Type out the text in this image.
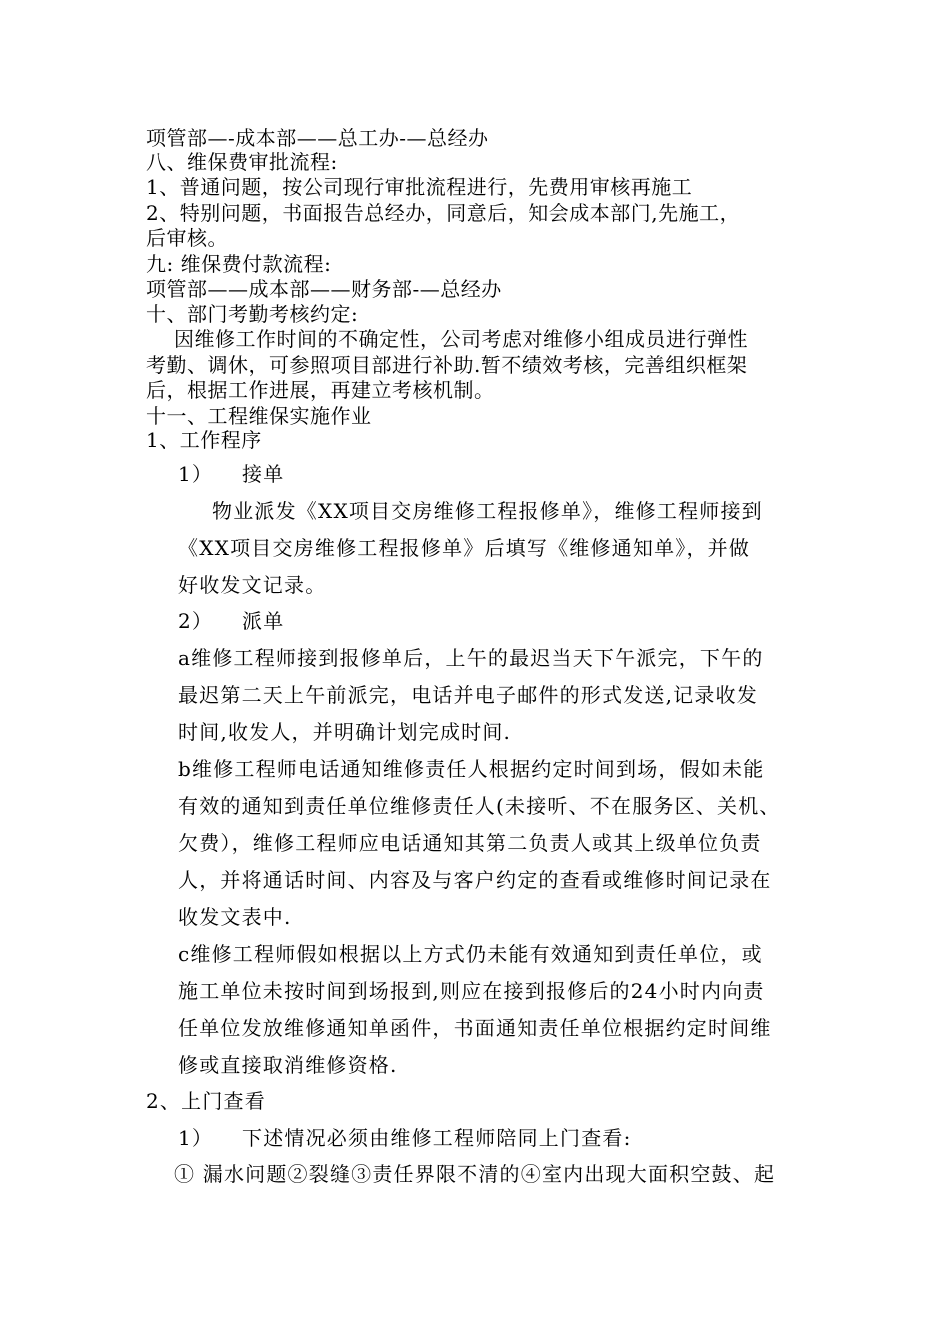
项管部—-成本部——总工办-—总经办
八、维保费审批流程:
1、普通问题，按公司现行审批流程进行，先费用审核再施工
2、特别问题，书面报告总经办，同意后，知会成本部门,先施工，
后审核。
九: 维保费付款流程:
项管部——成本部——财务部-—总经办
十、部门考勤考核约定:
因维修工作时间的不确定性，公司考虑对维修小组成员进行弹性
考勤、调休，可参照项目部进行补助.暂不绩效考核，完善组织框架
后，根据工作进展，再建立考核机制。
十一、工程维保实施作业
1、工作程序
1） 接单
物业派发《XX项目交房维修工程报修单》，维修工程师接到
《XX项目交房维修工程报修单》后填写《维修通知单》，并做
好收发文记录。
2） 派单
a维修工程师接到报修单后，上午的最迟当天下午派完，下午的
最迟第二天上午前派完，电话并电子邮件的形式发送,记录收发
时间,收发人，并明确计划完成时间.
b维修工程师电话通知维修责任人根据约定时间到场，假如未能
有效的通知到责任单位维修责任人(未接听、不在服务区、关机、
欠费），维修工程师应电话通知其第二负责人或其上级单位负责
人，并将通话时间、内容及与客户约定的查看或维修时间记录在
收发文表中.
c维修工程师假如根据以上方式仍未能有效通知到责任单位，或
施工单位未按时间到场报到,则应在接到报修后的24小时内向责
任单位发放维修通知单函件，书面通知责任单位根据约定时间维
修或直接取消维修资格.
2、上门查看
1） 下述情况必须由维修工程师陪同上门查看:
① 漏水问题②裂缝③责任界限不清的④室内出现大面积空鼓、起
